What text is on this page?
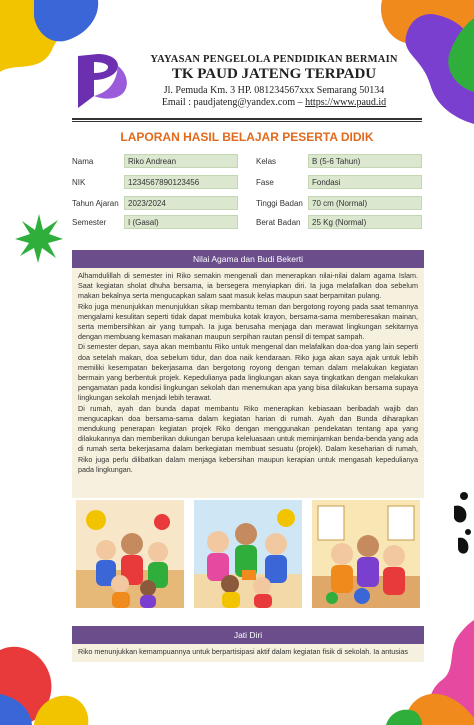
YAYASAN PENGELOLA PENDIDIKAN BERMAIN
TK PAUD JATENG TERPADU
Jl. Pemuda Km. 3 HP. 081234567xxx Semarang 50134
Email : paudjateng@yandex.com – https://www.paud.id
LAPORAN HASIL BELAJAR PESERTA DIDIK
Nama	Riko Andrean
NIK	1234567890123456
Tahun Ajaran	2023/2024
Semester	I (Gasal)
Kelas	B (5-6 Tahun)
Fase	Fondasi
Tinggi Badan	70 cm (Normal)
Berat Badan	25 Kg (Normal)
Nilai Agama dan Budi Bekerti

Alhamdulillah di semester ini Riko semakin mengenali dan menerapkan nilai-nilai dalam agama Islam. Saat kegiatan sholat dhuha bersama, ia bersegera menyiapkan diri. Ia juga melafalkan doa sebelum makan bekalnya serta mengucapkan salam saat masuk kelas maupun saat berpamitan pulang.

Riko juga menunjukkan menunjukkan sikap membantu teman dan bergotong royong pada saat temannya mengalami kesulitan seperti tidak dapat membuka kotak krayon, bersama-sama memberesakan mainan, serta membersihkan air yang tumpah. Ia juga berusaha menjaga dan merawat lingkungan sekitarnya dengan membuang kemasan makanan maupun serpihan rautan pensil di tempat sampah.

Di semester depan, saya akan membantu Riko untuk mengenal dan melafalkan doa-doa yang lain seperti doa setelah makan, doa sebelum tidur, dan doa naik kendaraan. Riko juga akan saya ajak untuk lebih memiliki kesempatan bekerjasama dan bergotong royong dengan teman dalam melakukan kegiatan bermain yang berbentuk projek. Kepedulianya pada lingkungan akan saya tingkatkan dengan melakukan pengamatan pada kondisi lingkungan sekolah dan menemukan apa yang bisa dilakukan bersama supaya lingkungan sekolah menjadi lebih terawat.

Di rumah, ayah dan bunda dapat membantu Riko menerapkan kebiasaan beribadah wajib dan mengucapkan doa bersama-sama dalam kegiatan harian di rumah. Ayah dan Bunda diharapkan mendukung penerapan kegiatan projek Riko dengan menggunakan pendekatan tentang apa yang dilakukannya dan memberikan dukungan berupa keleluasaan untuk meminjamkan benda-benda yang ada di rumah serta bekerjasama dalam berkegiatan membuat sesuatu (projek). Dalam keseharian di rumah, Riko juga perlu dilibatkan dalam menjaga kebersihan maupun kerapian untuk mengasah kepedulianya pada lingkungan.

Jati Diri

Riko menunjukkan kemampuannya untuk berpartisipasi aktif dalam kegiatan fisik di sekolah. Ia antusias
